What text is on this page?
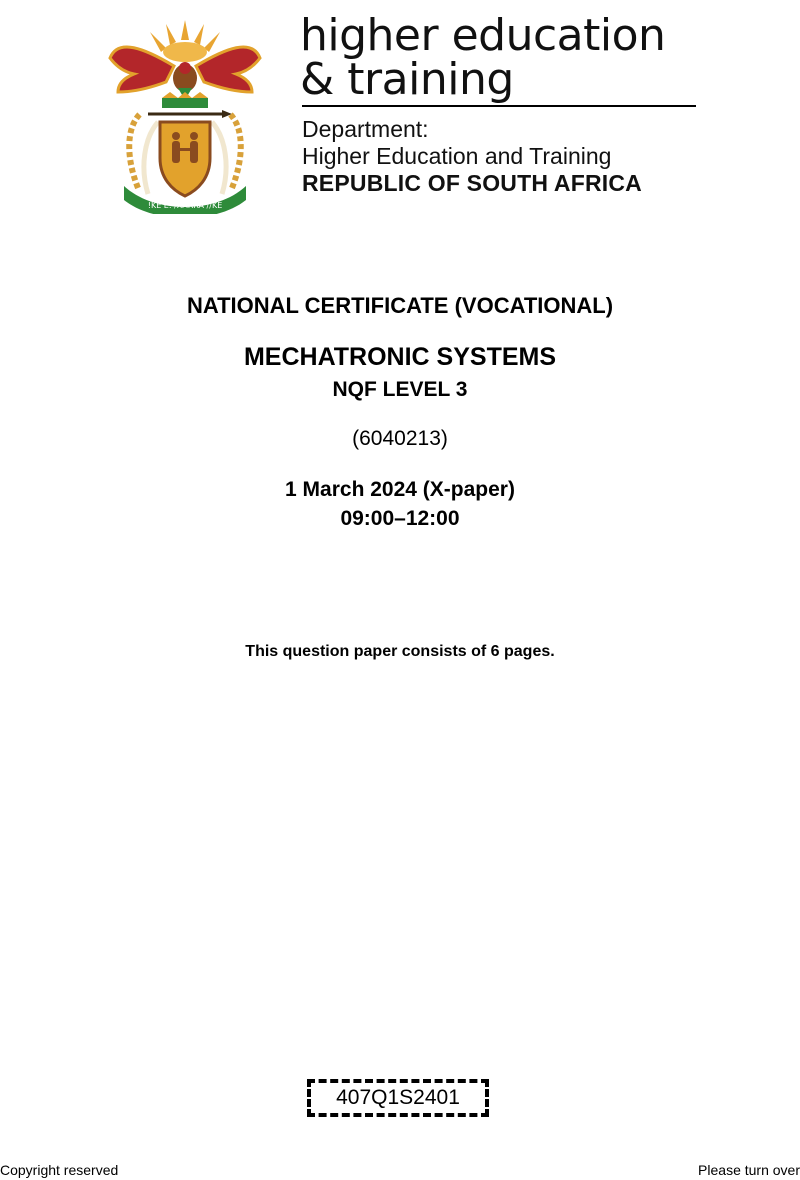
!KE E: /XARRA //KE
higher education
& training
Department:
Higher Education and Training
REPUBLIC OF SOUTH AFRICA
NATIONAL CERTIFICATE (VOCATIONAL)
MECHATRONIC SYSTEMS
NQF LEVEL 3
(6040213)
1 March 2024 (X-paper)
09:00–12:00
This question paper consists of 6 pages.
407Q1S2401
Copyright reserved	Please turn over
